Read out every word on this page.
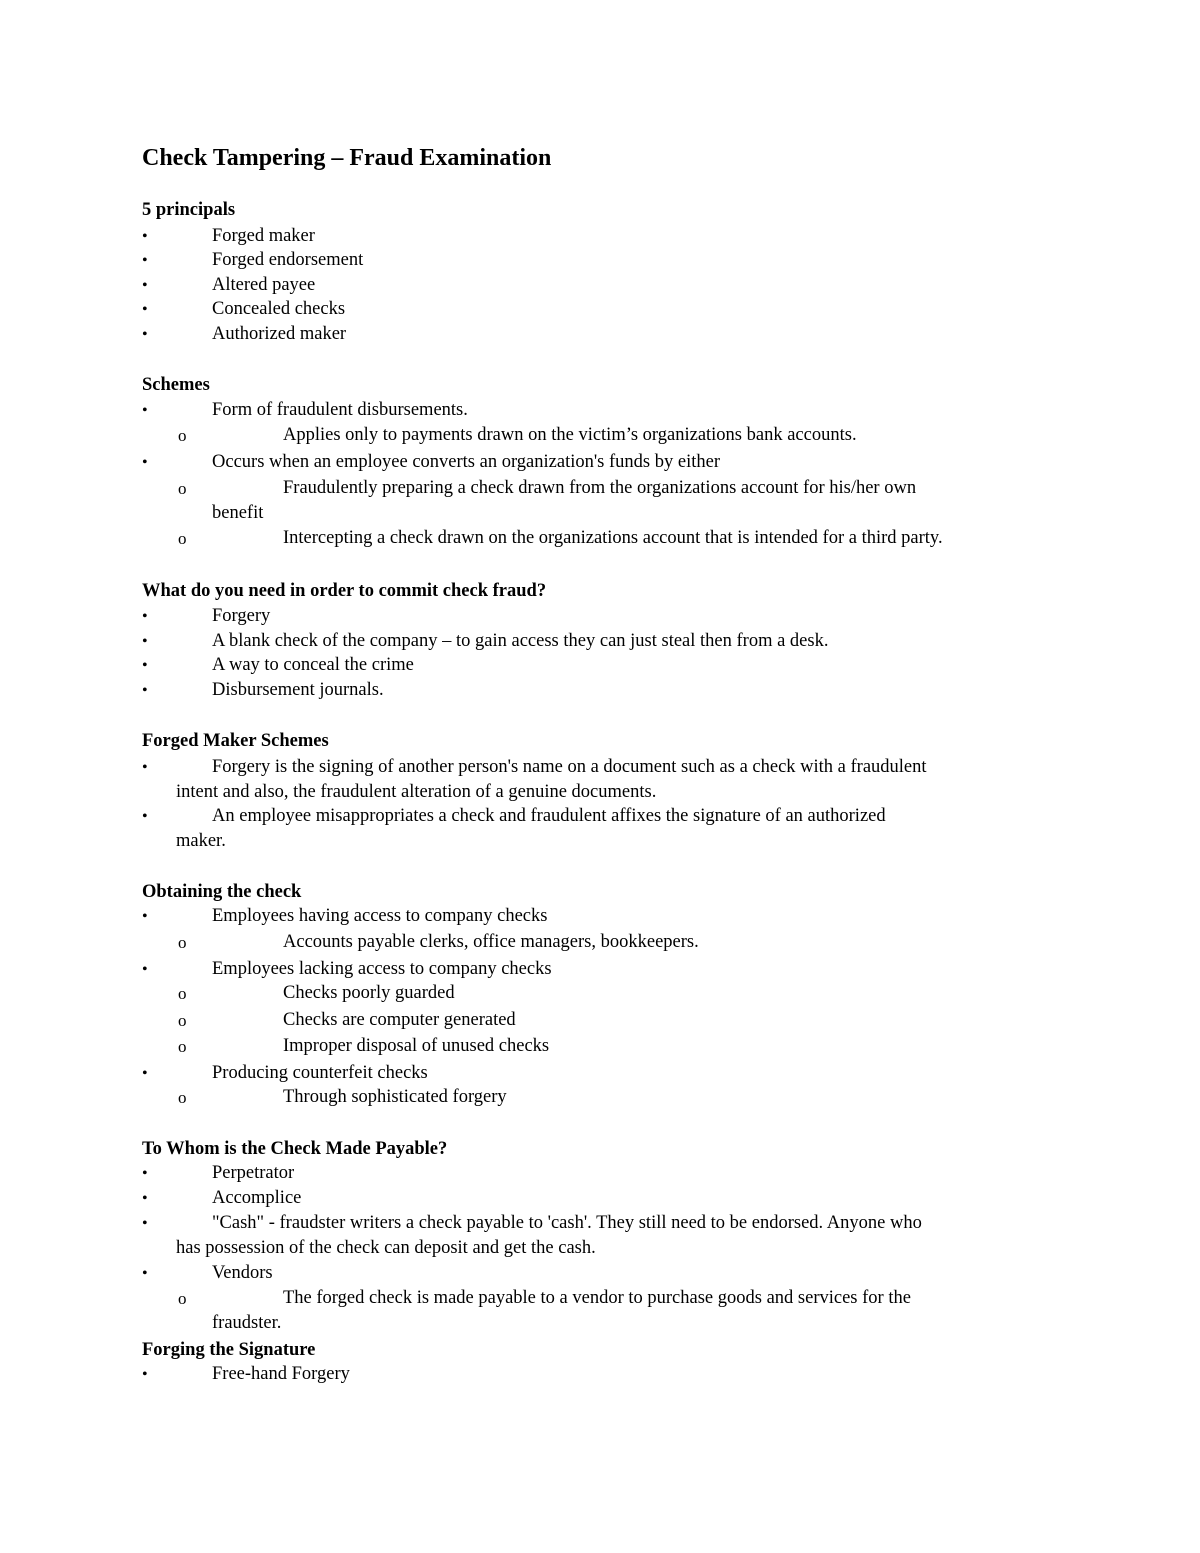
Check Tampering – Fraud Examination
5 principals
•	Forged maker
•	Forged endorsement
•	Altered payee
•	Concealed checks
•	Authorized maker
Schemes
•	Form of fraudulent disbursements.
o	Applies only to payments drawn on the victim’s organizations bank accounts.
•	Occurs when an employee converts an organization's funds by either
o	Fraudulently preparing a check drawn from the organizations account for his/her own
benefit
o	Intercepting a check drawn on the organizations account that is intended for a third party.
What do you need in order to commit check fraud?
•	Forgery
•	A blank check of the company – to gain access they can just steal then from a desk.
•	A way to conceal the crime
•	Disbursement journals.
Forged Maker Schemes
•	Forgery is the signing of another person's name on a document such as a check with a fraudulent
intent and also, the fraudulent alteration of a genuine documents.
•	An employee misappropriates a check and fraudulent affixes the signature of an authorized
maker.
Obtaining the check
•	Employees having access to company checks
o	Accounts payable clerks, office managers, bookkeepers.
•	Employees lacking access to company checks
o	Checks poorly guarded
o	Checks are computer generated
o	Improper disposal of unused checks
•	Producing counterfeit checks
o	Through sophisticated forgery
To Whom is the Check Made Payable?
•	Perpetrator
•	Accomplice
•	"Cash" - fraudster writers a check payable to 'cash'. They still need to be endorsed. Anyone who
has possession of the check can deposit and get the cash.
•	Vendors
o	The forged check is made payable to a vendor to purchase goods and services for the
fraudster.
Forging the Signature
•	Free-hand Forgery
